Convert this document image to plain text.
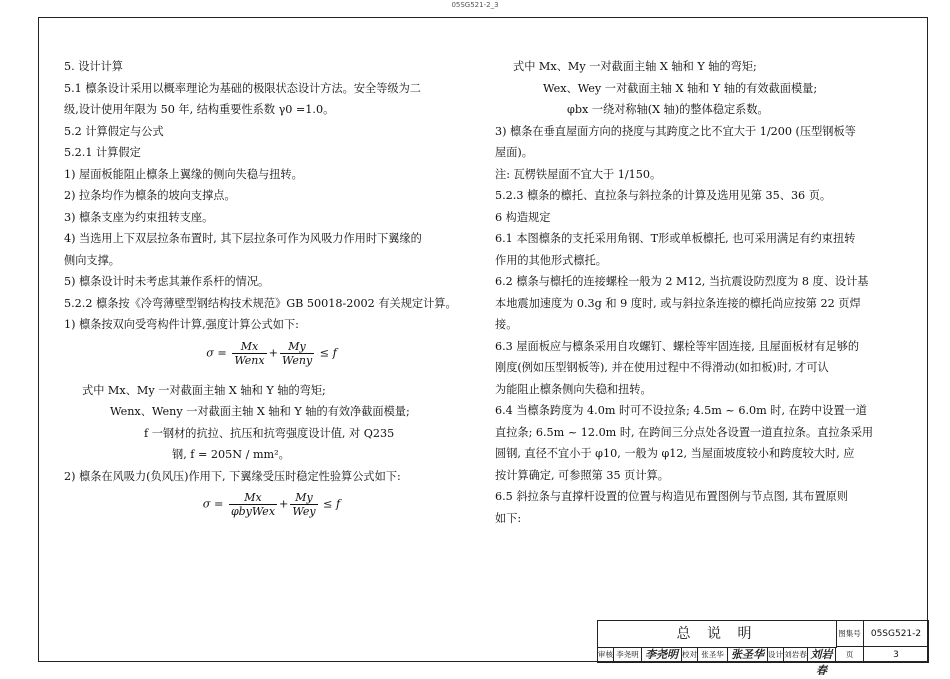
05SG521-2_3

5. 设计计算

5.1 檩条设计采用以概率理论为基础的极限状态设计方法。安全等级为二

级,设计使用年限为 50 年, 结构重要性系数 γ0 =1.0。

5.2 计算假定与公式

5.2.1 计算假定

1) 屋面板能阻止檩条上翼缘的侧向失稳与扭转。

2) 拉条均作为檩条的坡向支撑点。

3) 檩条支座为约束扭转支座。

4) 当选用上下双层拉条布置时, 其下层拉条可作为风吸力作用时下翼缘的

侧向支撑。

5) 檩条设计时未考虑其兼作系杆的情况。

5.2.2 檩条按《冷弯薄壁型钢结构技术规范》GB 50018-2002 有关规定计算。

1) 檩条按双向受弯构件计算,强度计算公式如下:

$\sigma = \frac{Mx}{\text{Wenx}} + \frac{My}{\text{Weny}} \le f$

式中 Mx、My 一对截面主轴 X 轴和 Y 轴的弯矩;

Wenx、Weny 一对截面主轴 X 轴和 Y 轴的有效净截面模量;

f 一钢材的抗拉、抗压和抗弯强度设计值, 对 Q235

钢, f = 205N / mm²。

2) 檩条在风吸力(负风压)作用下, 下翼缘受压时稳定性验算公式如下:

$\sigma = \frac{Mx}{\text{φbyWex}} + \frac{My}{\text{Wey}} \le f$

式中 Mx、My 一对截面主轴 X 轴和 Y 轴的弯矩;

Wex、Wey 一对截面主轴 X 轴和 Y 轴的有效截面模量;

φbx 一绕对称轴(X 轴)的整体稳定系数。

3) 檩条在垂直屋面方向的挠度与其跨度之比不宜大于 1/200 (压型钢板等

屋面)。

注: 瓦楞铁屋面不宜大于 1/150。

5.2.3 檩条的檩托、直拉条与斜拉条的计算及选用见第 35、36 页。

6 构造规定

6.1 本图檩条的支托采用角钢、T形或单板檩托, 也可采用满足有约束扭转

作用的其他形式檩托。

6.2 檩条与檩托的连接螺栓一般为 2 M12, 当抗震设防烈度为 8 度、设计基

本地震加速度为 0.3g 和 9 度时, 或与斜拉条连接的檩托尚应按第 22 页焊

接。

6.3 屋面板应与檩条采用自攻螺钉、螺栓等牢固连接, 且屋面板材有足够的

刚度(例如压型钢板等), 并在使用过程中不得滑动(如扣板)时, 才可认

为能阻止檩条侧向失稳和扭转。

6.4 当檩条跨度为 4.0m 时可不设拉条; 4.5m ~ 6.0m 时, 在跨中设置一道

直拉条; 6.5m ~ 12.0m 时, 在跨间三分点处各设置一道直拉条。直拉条采用

圆钢, 直径不宜小于 φ10, 一般为 φ12, 当屋面坡度较小和跨度较大时, 应

按计算确定, 可参照第 35 页计算。

6.5 斜拉条与直撑杆设置的位置与构造见布置图例与节点图, 其布置原则

如下:

总 说 明	图集号	05SG521-2
审核 李尧明 李尧明 校对 张圣华 张圣华 设计 刘岩春 刘岩春
页	3
